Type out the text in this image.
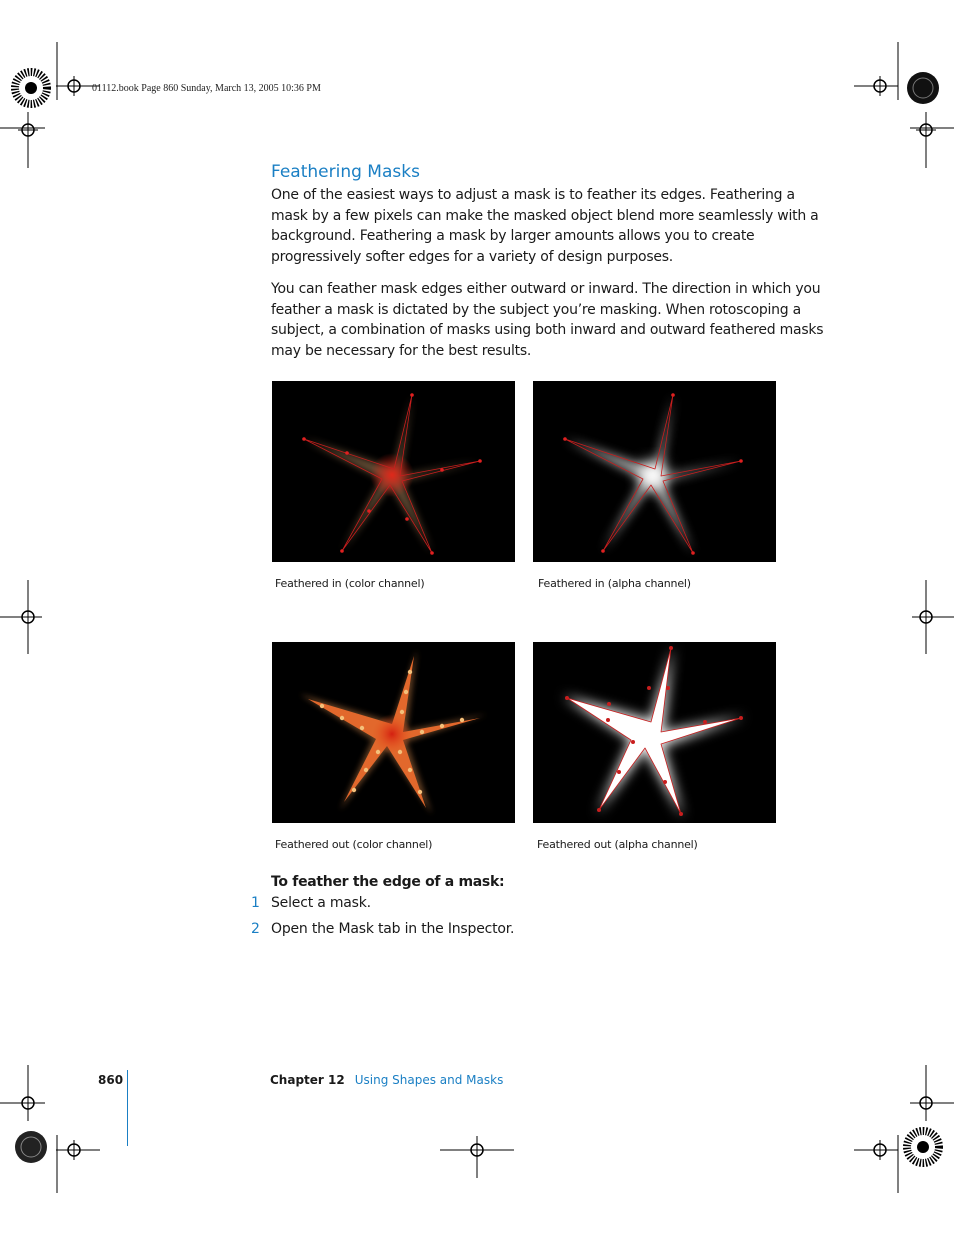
01112.book Page 860 Sunday, March 13, 2005 10:36 PM
Feathering Masks

One of the easiest ways to adjust a mask is to feather its edges. Feathering a mask by a few pixels can make the masked object blend more seamlessly with a background. Feathering a mask by larger amounts allows you to create progressively softer edges for a variety of design purposes.

You can feather mask edges either outward or inward. The direction in which you feather a mask is dictated by the subject you’re masking. When rotoscoping a subject, a combination of masks using both inward and outward feathered masks may be necessary for the best results.

Feathered in (color channel)	Feathered in (alpha channel)
Feathered out (color channel)	Feathered out (alpha channel)
To feather the edge of a mask:
1 Select a mask.
2 Open the Mask tab in the Inspector.
860	Chapter 12 Using Shapes and Masks
